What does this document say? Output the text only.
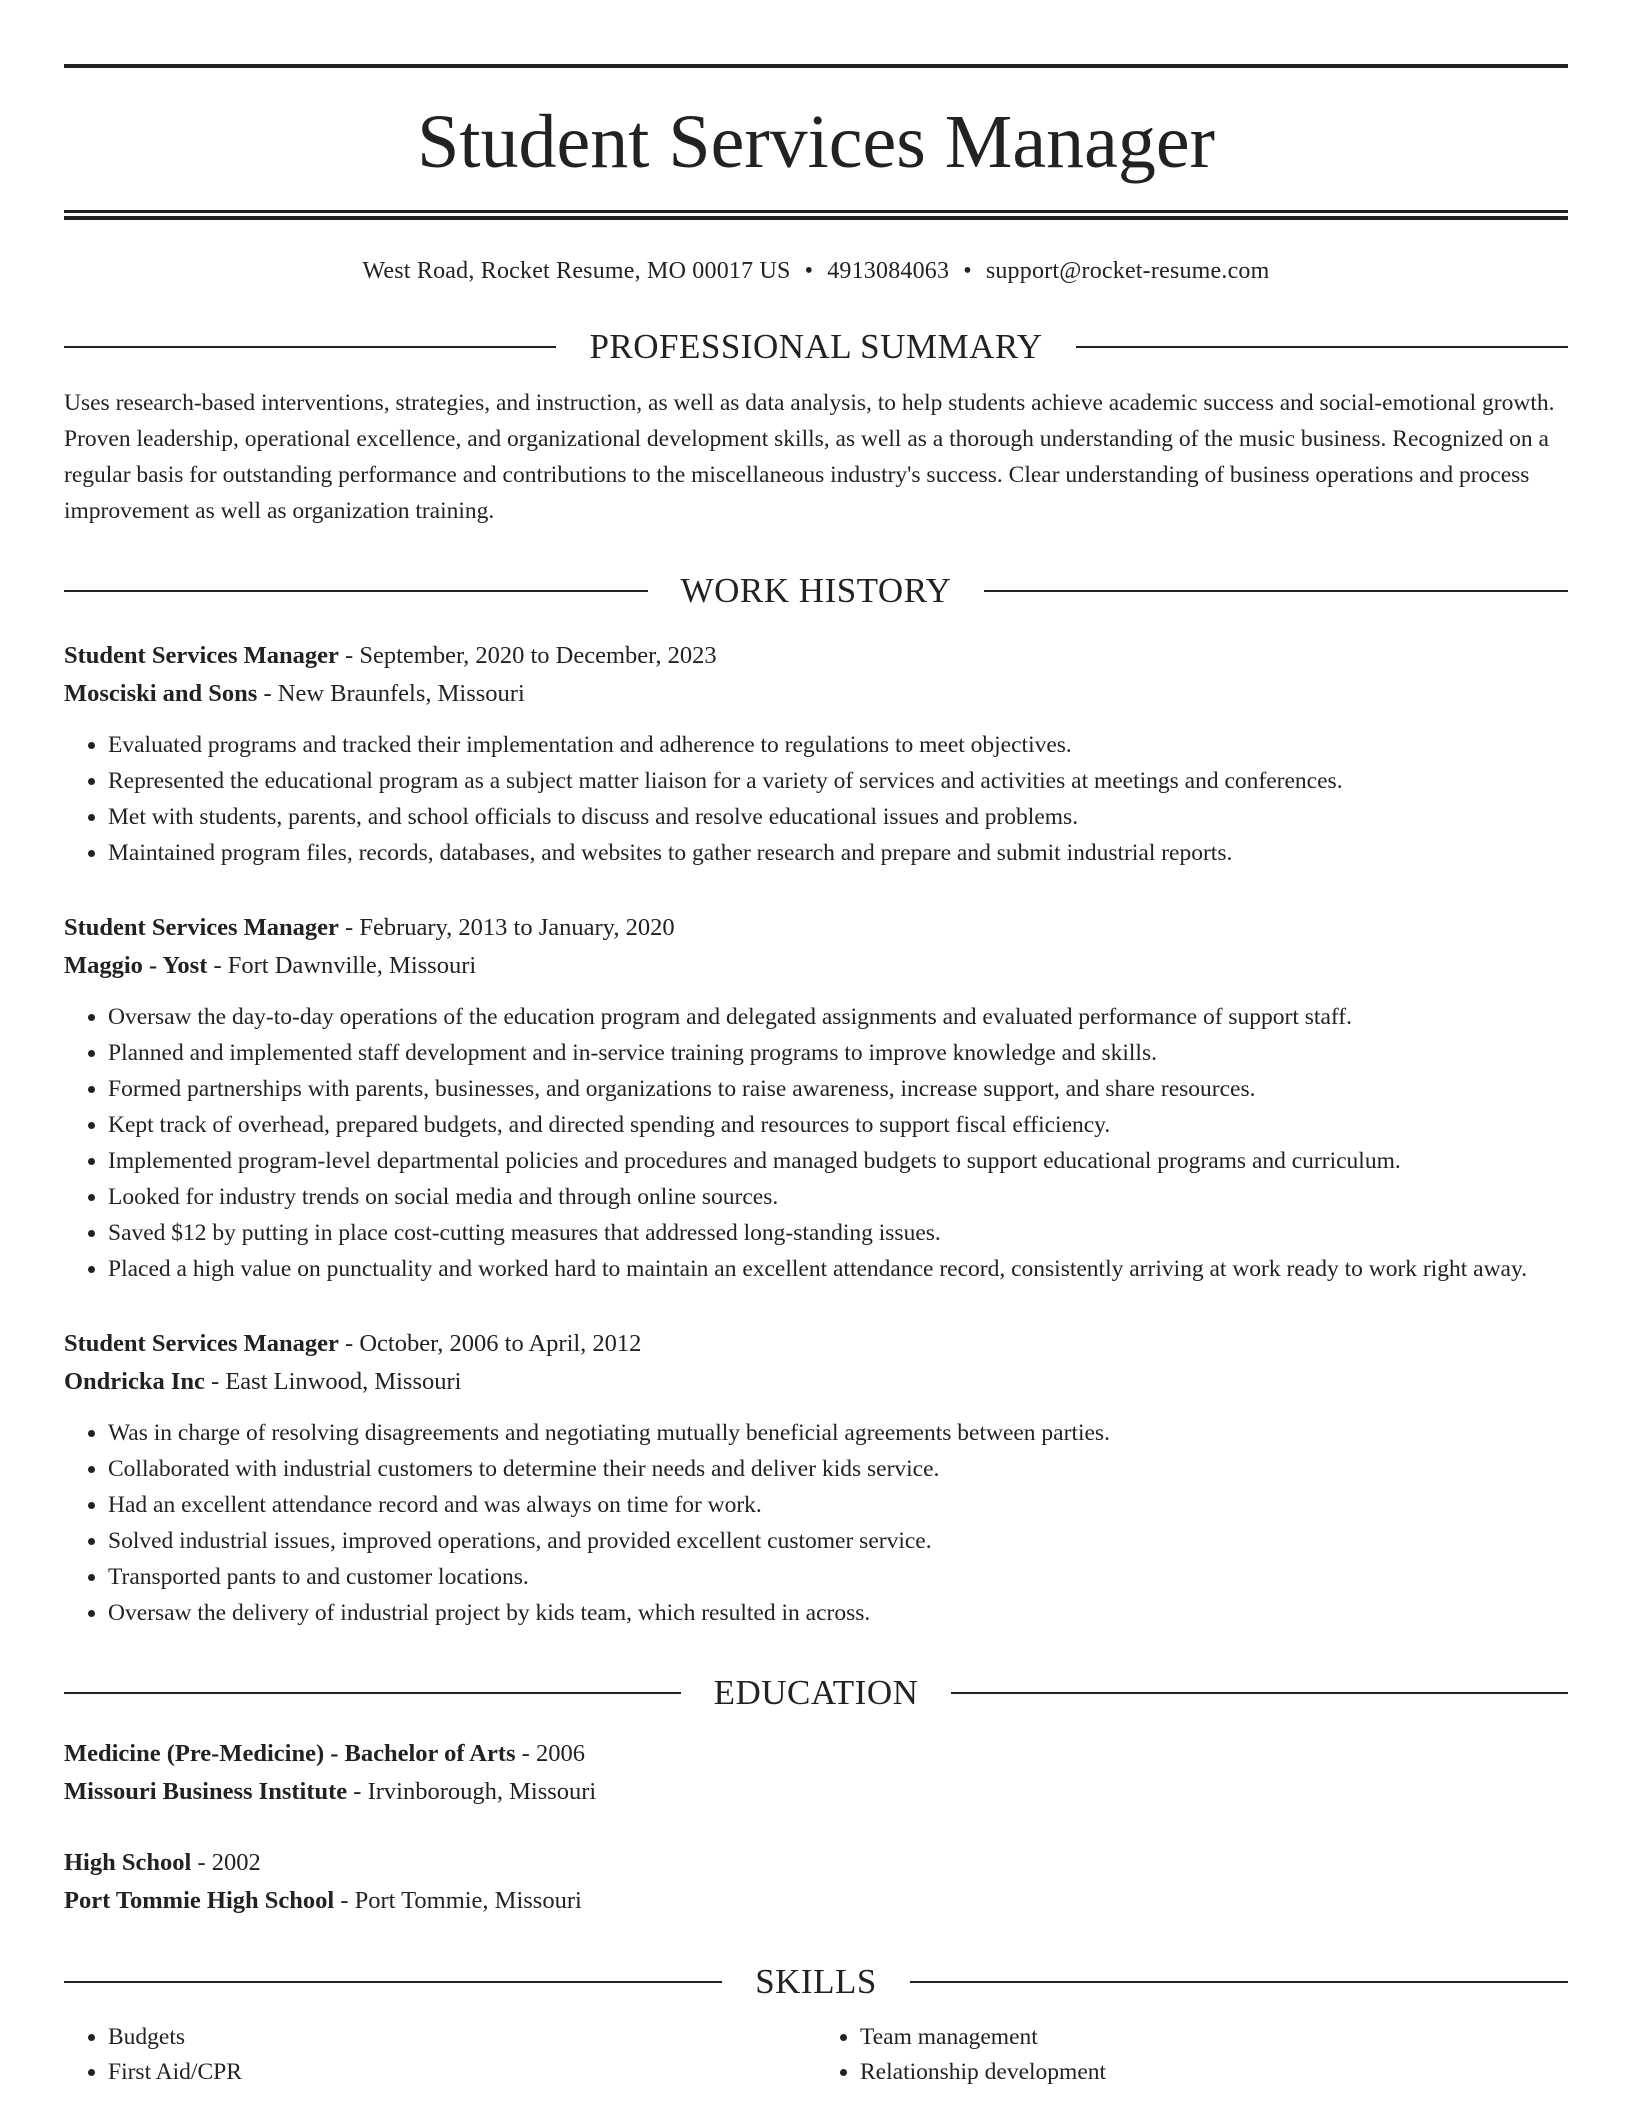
Student Services Manager
West Road, Rocket Resume, MO 00017 US • 4913084063 • support@rocket-resume.com
PROFESSIONAL SUMMARY
Uses research-based interventions, strategies, and instruction, as well as data analysis, to help students achieve academic success and social-emotional growth. Proven leadership, operational excellence, and organizational development skills, as well as a thorough understanding of the music business. Recognized on a regular basis for outstanding performance and contributions to the miscellaneous industry's success. Clear understanding of business operations and process improvement as well as organization training.
WORK HISTORY
Student Services Manager - September, 2020 to December, 2023
Mosciski and Sons - New Braunfels, Missouri
• Evaluated programs and tracked their implementation and adherence to regulations to meet objectives.
• Represented the educational program as a subject matter liaison for a variety of services and activities at meetings and conferences.
• Met with students, parents, and school officials to discuss and resolve educational issues and problems.
• Maintained program files, records, databases, and websites to gather research and prepare and submit industrial reports.
Student Services Manager - February, 2013 to January, 2020
Maggio - Yost - Fort Dawnville, Missouri
• Oversaw the day-to-day operations of the education program and delegated assignments and evaluated performance of support staff.
• Planned and implemented staff development and in-service training programs to improve knowledge and skills.
• Formed partnerships with parents, businesses, and organizations to raise awareness, increase support, and share resources.
• Kept track of overhead, prepared budgets, and directed spending and resources to support fiscal efficiency.
• Implemented program-level departmental policies and procedures and managed budgets to support educational programs and curriculum.
• Looked for industry trends on social media and through online sources.
• Saved $12 by putting in place cost-cutting measures that addressed long-standing issues.
• Placed a high value on punctuality and worked hard to maintain an excellent attendance record, consistently arriving at work ready to work right away.
Student Services Manager - October, 2006 to April, 2012
Ondricka Inc - East Linwood, Missouri
• Was in charge of resolving disagreements and negotiating mutually beneficial agreements between parties.
• Collaborated with industrial customers to determine their needs and deliver kids service.
• Had an excellent attendance record and was always on time for work.
• Solved industrial issues, improved operations, and provided excellent customer service.
• Transported pants to and customer locations.
• Oversaw the delivery of industrial project by kids team, which resulted in across.
EDUCATION
Medicine (Pre-Medicine) - Bachelor of Arts - 2006
Missouri Business Institute - Irvinborough, Missouri
High School - 2002
Port Tommie High School - Port Tommie, Missouri
SKILLS
• Budgets
• First Aid/CPR
• Team management
• Relationship development
